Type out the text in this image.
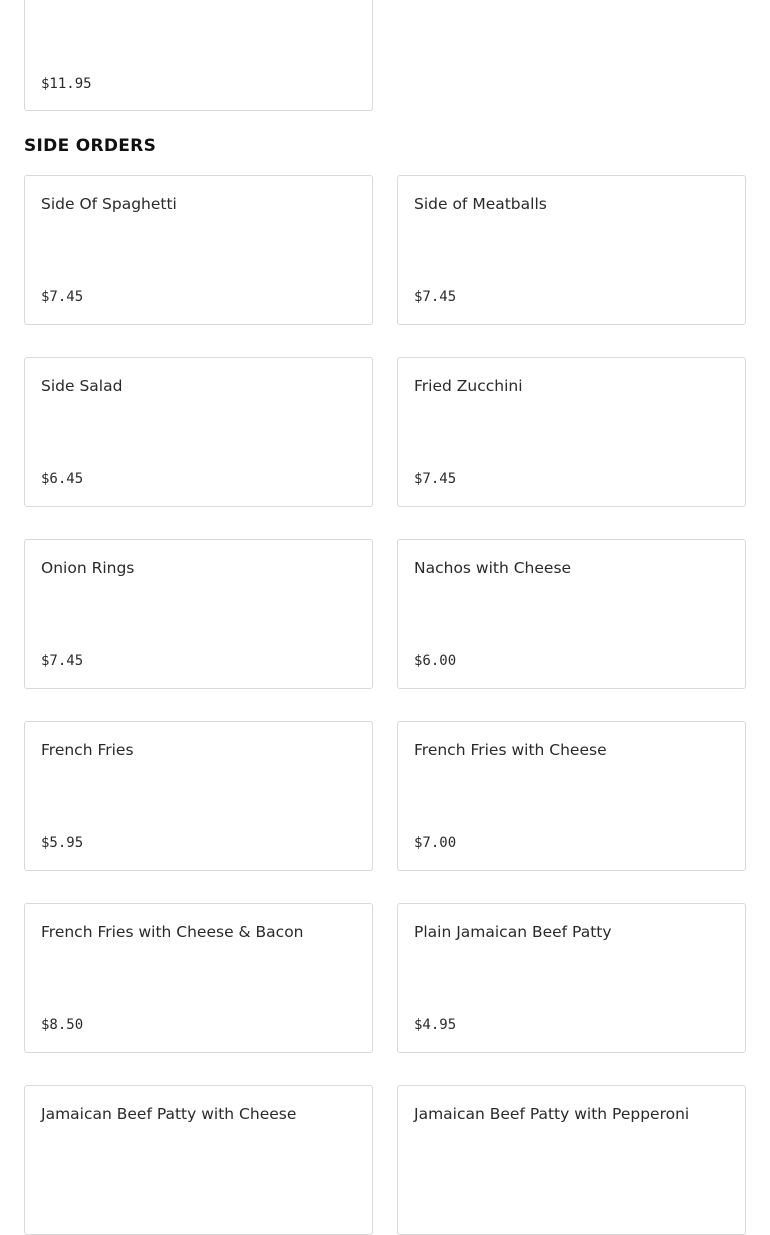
$11.95
SIDE ORDERS
Side Of Spaghetti
$7.45
Side of Meatballs
$7.45
Side Salad
$6.45
Fried Zucchini
$7.45
Onion Rings
$7.45
Nachos with Cheese
$6.00
French Fries
$5.95
French Fries with Cheese
$7.00
French Fries with Cheese & Bacon
$8.50
Plain Jamaican Beef Patty
$4.95
Jamaican Beef Patty with Cheese	Jamaican Beef Patty with Pepperoni
